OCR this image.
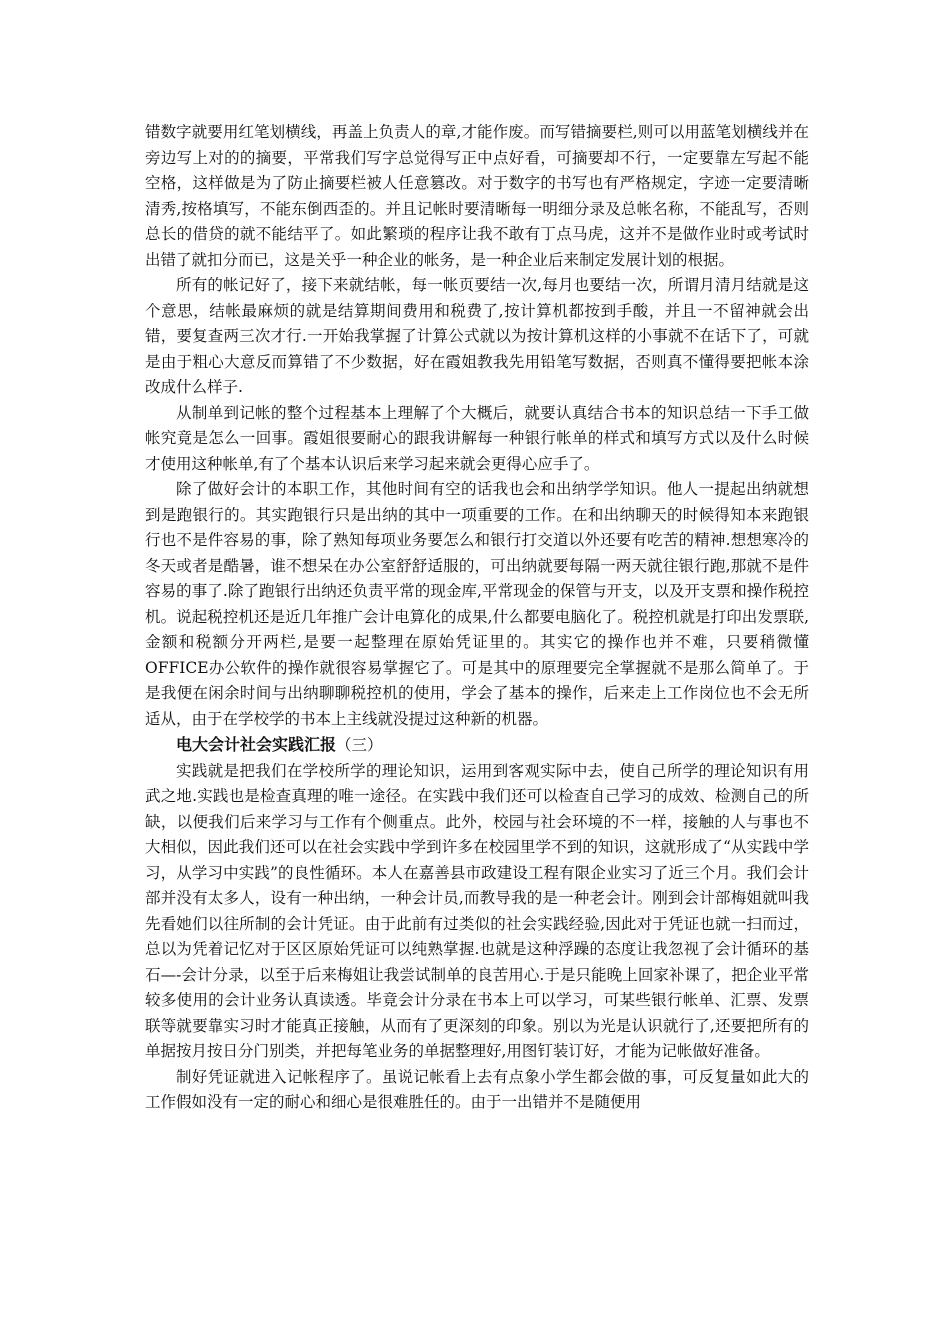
错数字就要用红笔划横线，再盖上负责人的章,才能作废。而写错摘要栏,则可以用蓝笔划横线并在旁边写上对的的摘要，平常我们写字总觉得写正中点好看，可摘要却不行，一定要靠左写起不能空格，这样做是为了防止摘要栏被人任意篡改。对于数字的书写也有严格规定，字迹一定要清晰清秀,按格填写，不能东倒西歪的。并且记帐时要清晰每一明细分录及总帐名称，不能乱写，否则总长的借贷的就不能结平了。如此繁琐的程序让我不敢有丁点马虎，这并不是做作业时或考试时出错了就扣分而已，这是关乎一种企业的帐务，是一种企业后来制定发展计划的根据。

所有的帐记好了，接下来就结帐，每一帐页要结一次,每月也要结一次，所谓月清月结就是这个意思，结帐最麻烦的就是结算期间费用和税费了,按计算机都按到手酸，并且一不留神就会出错，要复查两三次才行.一开始我掌握了计算公式就以为按计算机这样的小事就不在话下了，可就是由于粗心大意反而算错了不少数据，好在霞姐教我先用铅笔写数据，否则真不懂得要把帐本涂改成什么样子.

从制单到记帐的整个过程基本上理解了个大概后，就要认真结合书本的知识总结一下手工做帐究竟是怎么一回事。霞姐很要耐心的跟我讲解每一种银行帐单的样式和填写方式以及什么时候才使用这种帐单,有了个基本认识后来学习起来就会更得心应手了。

除了做好会计的本职工作，其他时间有空的话我也会和出纳学学知识。他人一提起出纳就想到是跑银行的。其实跑银行只是出纳的其中一项重要的工作。在和出纳聊天的时候得知本来跑银行也不是件容易的事，除了熟知每项业务要怎么和银行打交道以外还要有吃苦的精神.想想寒冷的冬天或者是酷暑，谁不想呆在办公室舒舒适服的，可出纳就要每隔一两天就往银行跑,那就不是件容易的事了.除了跑银行出纳还负责平常的现金库,平常现金的保管与开支，以及开支票和操作税控机。说起税控机还是近几年推广会计电算化的成果,什么都要电脑化了。税控机就是打印出发票联,金额和税额分开两栏,是要一起整理在原始凭证里的。其实它的操作也并不难，只要稍微懂OFFICE办公软件的操作就很容易掌握它了。可是其中的原理要完全掌握就不是那么简单了。于是我便在闲余时间与出纳聊聊税控机的使用，学会了基本的操作，后来走上工作岗位也不会无所适从，由于在学校学的书本上主线就没提过这种新的机器。

电大会计社会实践汇报（三）

实践就是把我们在学校所学的理论知识，运用到客观实际中去，使自己所学的理论知识有用武之地.实践也是检查真理的唯一途径。在实践中我们还可以检查自己学习的成效、检测自己的所缺，以便我们后来学习与工作有个侧重点。此外，校园与社会环境的不一样，接触的人与事也不大相似，因此我们还可以在社会实践中学到许多在校园里学不到的知识，这就形成了“从实践中学习，从学习中实践”的良性循环。本人在嘉善县市政建设工程有限企业实习了近三个月。我们会计部并没有太多人，设有一种出纳，一种会计员,而教导我的是一种老会计。刚到会计部梅姐就叫我先看她们以往所制的会计凭证。由于此前有过类似的社会实践经验,因此对于凭证也就一扫而过，总以为凭着记忆对于区区原始凭证可以纯熟掌握.也就是这种浮躁的态度让我忽视了会计循环的基石—-会计分录，以至于后来梅姐让我尝试制单的良苦用心.于是只能晚上回家补课了，把企业平常较多使用的会计业务认真读透。毕竟会计分录在书本上可以学习，可某些银行帐单、汇票、发票联等就要靠实习时才能真正接触，从而有了更深刻的印象。别以为光是认识就行了,还要把所有的单据按月按日分门别类，并把每笔业务的单据整理好,用图钉装订好，才能为记帐做好准备。

制好凭证就进入记帐程序了。虽说记帐看上去有点象小学生都会做的事，可反复量如此大的工作假如没有一定的耐心和细心是很难胜任的。由于一出错并不是随便用
